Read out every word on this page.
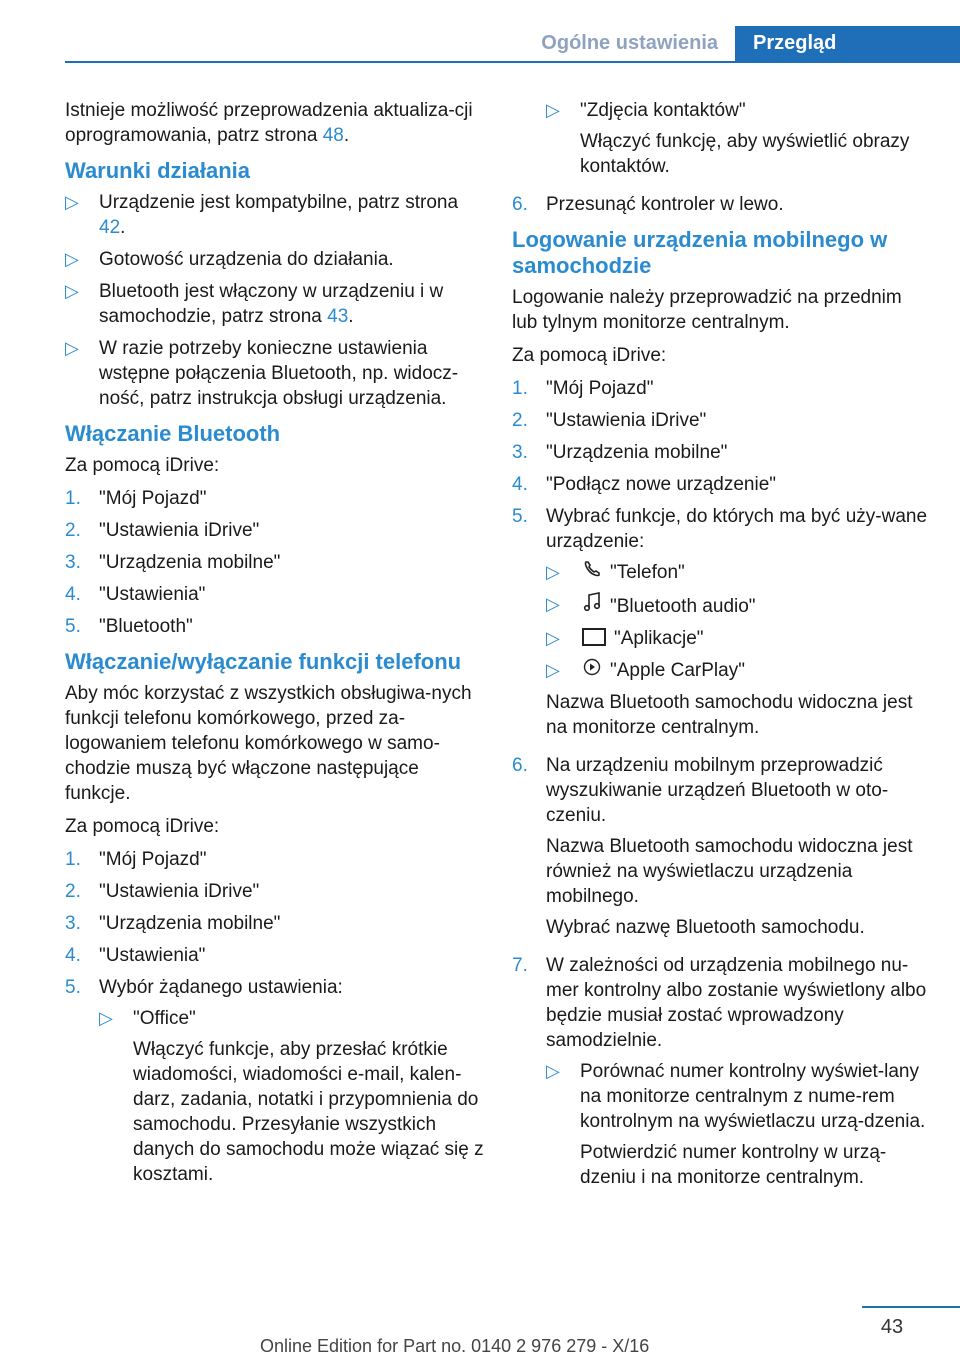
Ogólne ustawienia	Przegląd

Istnieje możliwość przeprowadzenia aktualiza-cji oprogramowania, patrz strona 48.

Warunki działania
▷	Urządzenie jest kompatybilne, patrz strona 42.
▷	Gotowość urządzenia do działania.
▷	Bluetooth jest włączony w urządzeniu i w samochodzie, patrz strona 43.
▷	W razie potrzeby konieczne ustawienia wstępne połączenia Bluetooth, np. widocz-ność, patrz instrukcja obsługi urządzenia.
Włączanie Bluetooth

Za pomocą iDrive:

1. "Mój Pojazd"
2. "Ustawienia iDrive"
3. "Urządzenia mobilne"
4. "Ustawienia"
5. "Bluetooth"
Włączanie/wyłączanie funkcji telefonu

Aby móc korzystać z wszystkich obsługiwa-nych funkcji telefonu komórkowego, przed za-logowaniem telefonu komórkowego w samo-chodzie muszą być włączone następujące funkcje.

Za pomocą iDrive:

1. "Mój Pojazd"
2. "Ustawienia iDrive"
3. "Urządzenia mobilne"
4. "Ustawienia"
5. Wybór żądanego ustawienia:
▷	"Office"

Włączyć funkcje, aby przesłać krótkie wiadomości, wiadomości e-mail, kalen-darz, zadania, notatki i przypomnienia do samochodu. Przesyłanie wszystkich danych do samochodu może wiązać się z kosztami.

▷	"Zdjęcia kontaktów"

Włączyć funkcję, aby wyświetlić obrazy kontaktów.

6. Przesunąć kontroler w lewo.
Logowanie urządzenia mobilnego w samochodzie

Logowanie należy przeprowadzić na przednim lub tylnym monitorze centralnym.

Za pomocą iDrive:

1. "Mój Pojazd"
2. "Ustawienia iDrive"
3. "Urządzenia mobilne"
4. "Podłącz nowe urządzenie"
5. Wybrać funkcje, do których ma być uży-wane urządzenie:

▷	"Telefon"
▷	"Bluetooth audio"
▷	"Aplikacje"
▷	"Apple CarPlay"

Nazwa Bluetooth samochodu widoczna jest na monitorze centralnym.

6. Na urządzeniu mobilnym przeprowadzić wyszukiwanie urządzeń Bluetooth w oto-czeniu.

Nazwa Bluetooth samochodu widoczna jest również na wyświetlaczu urządzenia mobilnego.

Wybrać nazwę Bluetooth samochodu.

7. W zależności od urządzenia mobilnego nu-mer kontrolny albo zostanie wyświetlony albo będzie musiał zostać wprowadzony samodzielnie.

▷	Porównać numer kontrolny wyświet-lany na monitorze centralnym z nume-rem kontrolnym na wyświetlaczu urzą-dzenia.

Potwierdzić numer kontrolny w urzą-dzeniu i na monitorze centralnym.

43
Online Edition for Part no. 0140 2 976 279 - X/16
